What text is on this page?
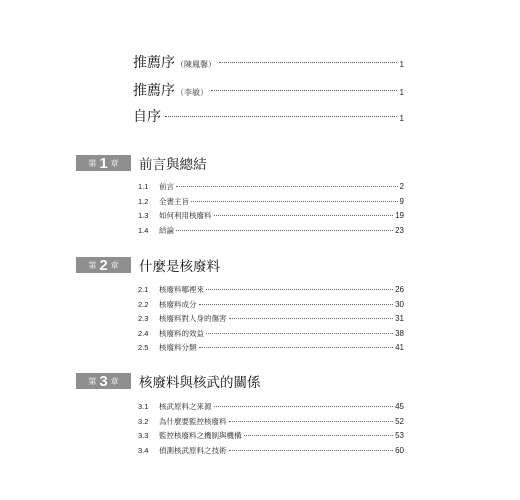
推薦序 （陳鳳馨）	1
推薦序 （李敏）	1
自序	1
第 1 章 前言與總結
1.1	前言	2
1.2	全書主旨	9
1.3	如何利用核廢料	19
1.4	結論	23
第 2 章 什麼是核廢料
2.1	核廢料哪裡來	26
2.2	核廢料成分	30
2.3	核廢料對人身的傷害	31
2.4	核廢料的效益	38
2.5	核廢料分類	41
第 3 章 核廢料與核武的關係
3.1	核武原料之來源	45
3.2	為什麼要監控核廢料	52
3.3	監控核廢料之機制與機構	53
3.4	偵測核武原料之技術	60
